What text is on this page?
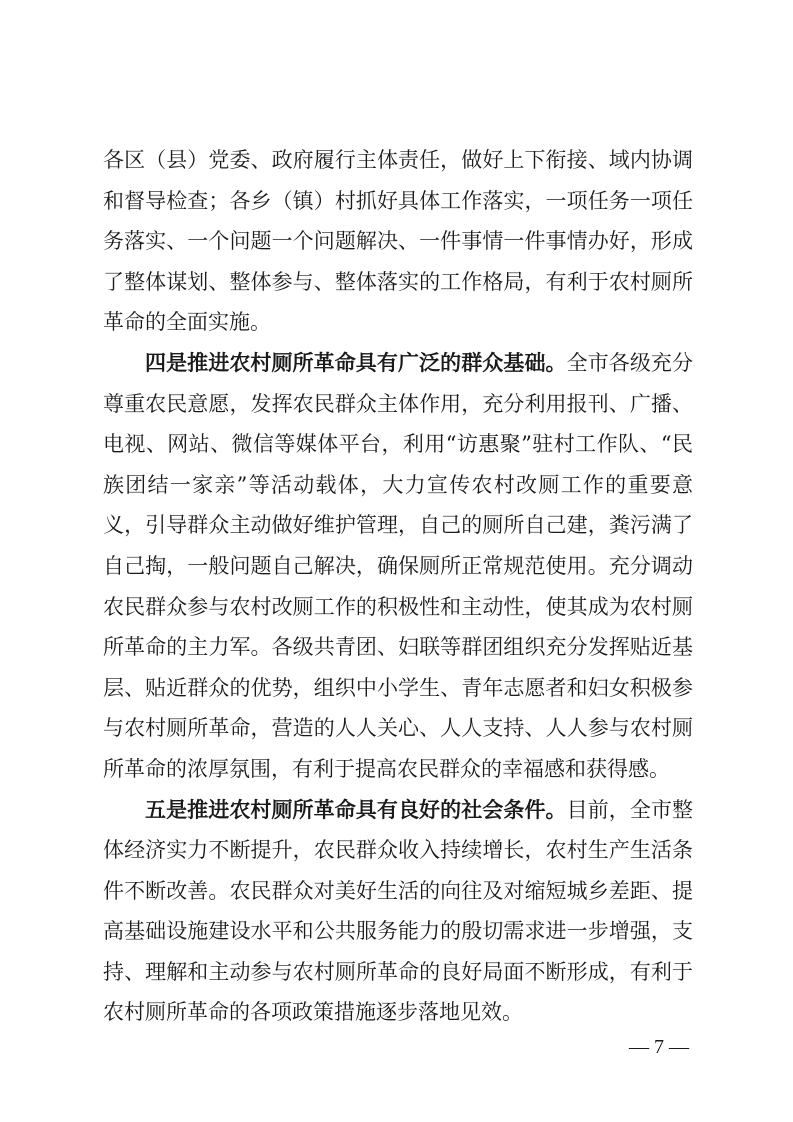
各区（县）党委、政府履行主体责任，做好上下衔接、域内协调和督导检查；各乡（镇）村抓好具体工作落实，一项任务一项任务落实、一个问题一个问题解决、一件事情一件事情办好，形成了整体谋划、整体参与、整体落实的工作格局，有利于农村厕所革命的全面实施。

四是推进农村厕所革命具有广泛的群众基础。全市各级充分尊重农民意愿，发挥农民群众主体作用，充分利用报刊、广播、电视、网站、微信等媒体平台，利用“访惠聚”驻村工作队、“民族团结一家亲”等活动载体，大力宣传农村改厕工作的重要意义，引导群众主动做好维护管理，自己的厕所自己建，粪污满了自己掏，一般问题自己解决，确保厕所正常规范使用。充分调动农民群众参与农村改厕工作的积极性和主动性，使其成为农村厕所革命的主力军。各级共青团、妇联等群团组织充分发挥贴近基层、贴近群众的优势，组织中小学生、青年志愿者和妇女积极参与农村厕所革命，营造的人人关心、人人支持、人人参与农村厕所革命的浓厚氛围，有利于提高农民群众的幸福感和获得感。

五是推进农村厕所革命具有良好的社会条件。目前，全市整体经济实力不断提升，农民群众收入持续增长，农村生产生活条件不断改善。农民群众对美好生活的向往及对缩短城乡差距、提高基础设施建设水平和公共服务能力的殷切需求进一步增强，支持、理解和主动参与农村厕所革命的良好局面不断形成，有利于农村厕所革命的各项政策措施逐步落地见效。

— 7 —
